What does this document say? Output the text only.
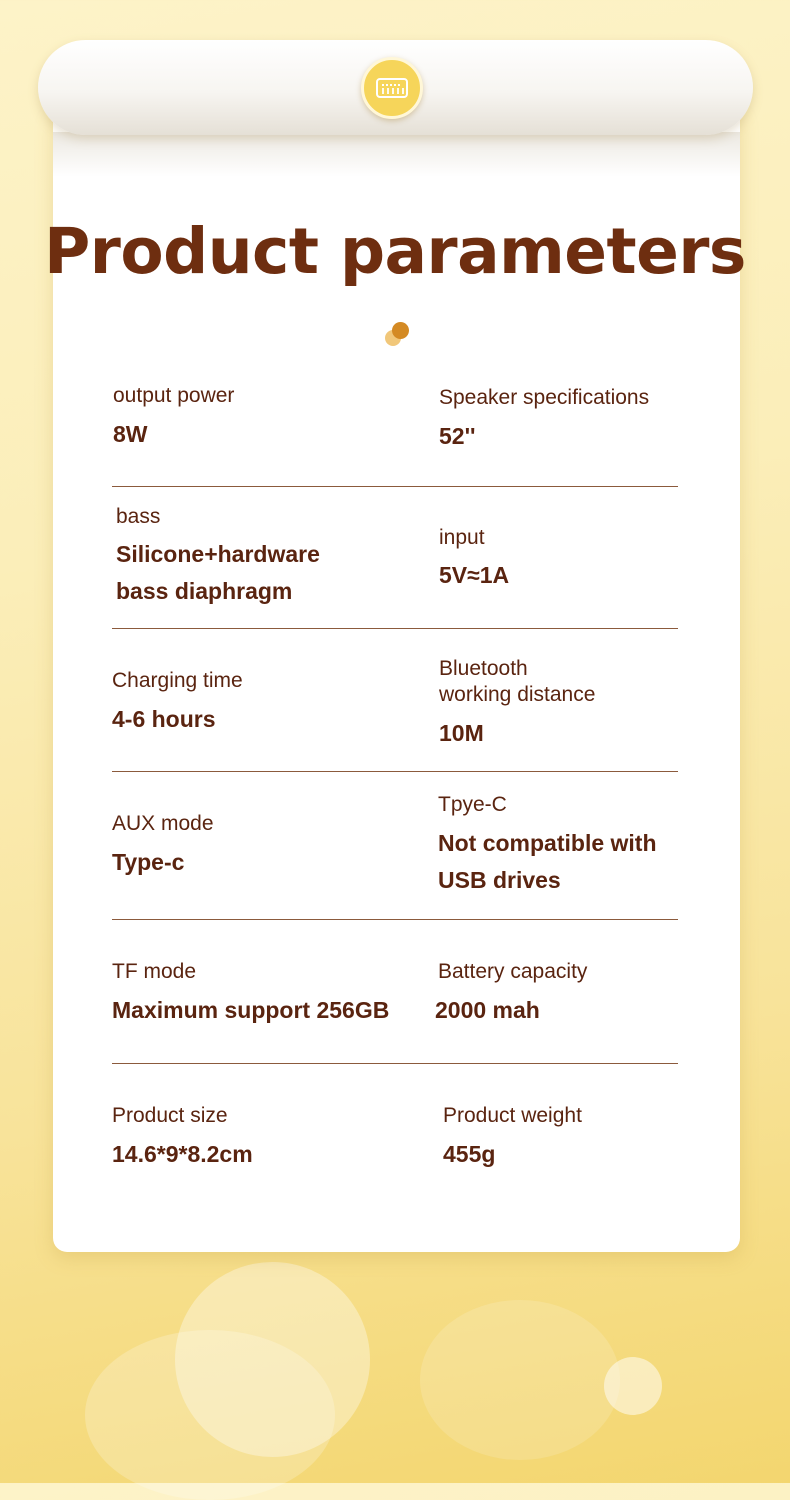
Product parameters
output power
8W
Speaker specifications
52''
bass
Silicone+hardware
bass diaphragm
input
5V≈1A
Charging time
4-6 hours
Bluetooth
working distance
10M
AUX mode
Type-c
Tpye-C
Not compatible with
USB drives
TF mode
Maximum support 256GB
Battery capacity
2000 mah
Product size
14.6*9*8.2cm
Product weight
455g
